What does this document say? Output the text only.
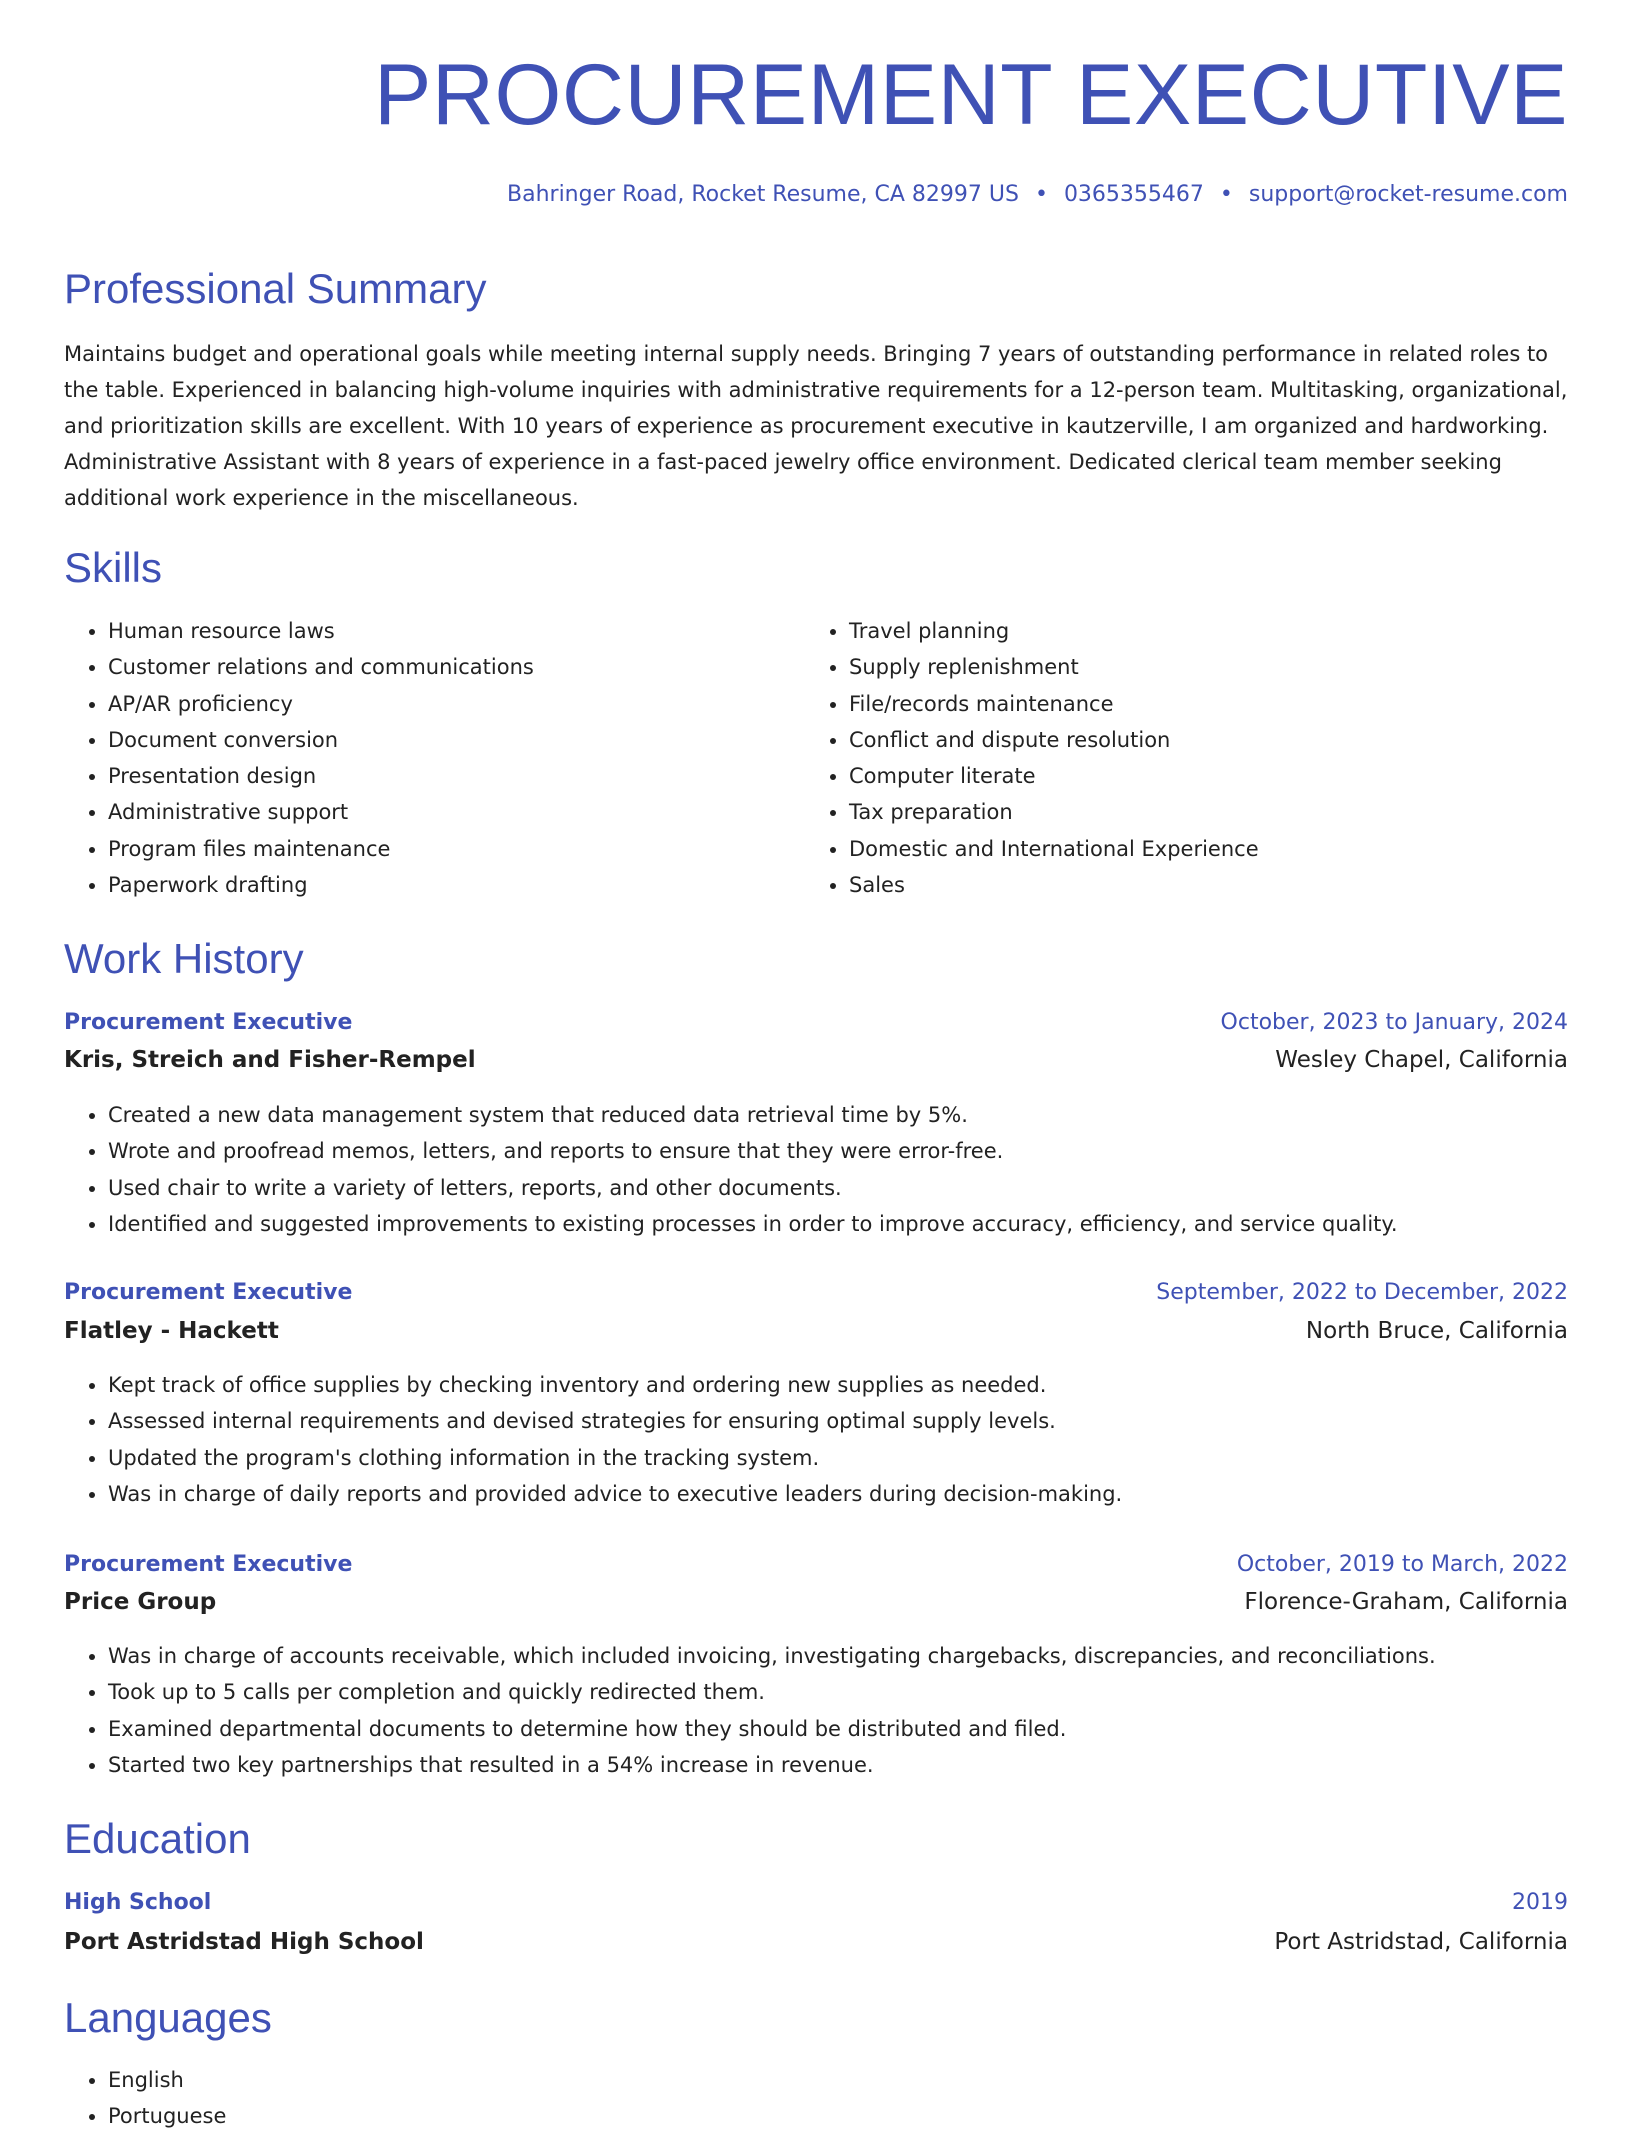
PROCUREMENT EXECUTIVE
Bahringer Road, Rocket Resume, CA 82997 US • 0365355467 • support@rocket-resume.com
Professional Summary

Maintains budget and operational goals while meeting internal supply needs. Bringing 7 years of outstanding performance in related roles to the table. Experienced in balancing high-volume inquiries with administrative requirements for a 12-person team. Multitasking, organizational, and prioritization skills are excellent. With 10 years of experience as procurement executive in kautzerville, I am organized and hardworking. Administrative Assistant with 8 years of experience in a fast-paced jewelry office environment. Dedicated clerical team member seeking additional work experience in the miscellaneous.

Skills
• Human resource laws
• Customer relations and communications
• AP/AR proficiency
• Document conversion
• Presentation design
• Administrative support
• Program files maintenance
• Paperwork drafting
• Travel planning
• Supply replenishment
• File/records maintenance
• Conflict and dispute resolution
• Computer literate
• Tax preparation
• Domestic and International Experience
• Sales
Work History
Procurement Executive	October, 2023 to January, 2024
Kris, Streich and Fisher-Rempel	Wesley Chapel, California
• Created a new data management system that reduced data retrieval time by 5%.
• Wrote and proofread memos, letters, and reports to ensure that they were error-free.
• Used chair to write a variety of letters, reports, and other documents.
• Identified and suggested improvements to existing processes in order to improve accuracy, efficiency, and service quality.
Procurement Executive	September, 2022 to December, 2022
Flatley - Hackett	North Bruce, California
• Kept track of office supplies by checking inventory and ordering new supplies as needed.
• Assessed internal requirements and devised strategies for ensuring optimal supply levels.
• Updated the program's clothing information in the tracking system.
• Was in charge of daily reports and provided advice to executive leaders during decision-making.
Procurement Executive	October, 2019 to March, 2022
Price Group	Florence-Graham, California
• Was in charge of accounts receivable, which included invoicing, investigating chargebacks, discrepancies, and reconciliations.
• Took up to 5 calls per completion and quickly redirected them.
• Examined departmental documents to determine how they should be distributed and filed.
• Started two key partnerships that resulted in a 54% increase in revenue.
Education
High School	2019
Port Astridstad High School	Port Astridstad, California
Languages
• English
• Portuguese
